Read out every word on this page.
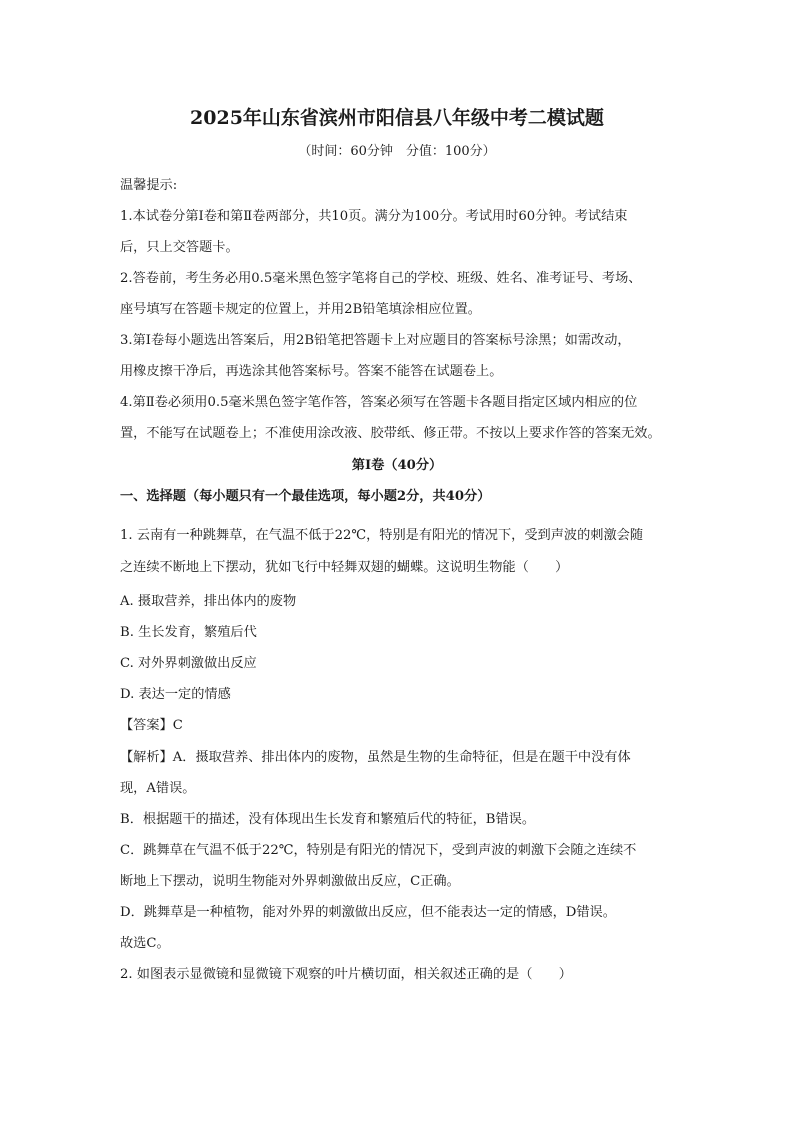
2025年山东省滨州市阳信县八年级中考二模试题
（时间：60分钟　分值：100分）
温馨提示:
1.本试卷分第Ⅰ卷和第Ⅱ卷两部分，共10页。满分为100分。考试用时60分钟。考试结束
后，只上交答题卡。
2.答卷前，考生务必用0.5毫米黑色签字笔将自己的学校、班级、姓名、准考证号、考场、
座号填写在答题卡规定的位置上，并用2B铅笔填涂相应位置。
3.第Ⅰ卷每小题选出答案后，用2B铅笔把答题卡上对应题目的答案标号涂黑；如需改动，
用橡皮擦干净后，再选涂其他答案标号。答案不能答在试题卷上。
4.第Ⅱ卷必须用0.5毫米黑色签字笔作答，答案必须写在答题卡各题目指定区域内相应的位
置，不能写在试题卷上；不准使用涂改液、胶带纸、修正带。不按以上要求作答的答案无效。
第Ⅰ卷（40分）
一、选择题（每小题只有一个最佳选项，每小题2分，共40分）
1. 云南有一种跳舞草，在气温不低于22℃，特别是有阳光的情况下，受到声波的刺激会随
之连续不断地上下摆动，犹如飞行中轻舞双翅的蝴蝶。这说明生物能（　　）
A. 摄取营养，排出体内的废物
B. 生长发育，繁殖后代
C. 对外界刺激做出反应
D. 表达一定的情感
【答案】C
【解析】A．摄取营养、排出体内的废物，虽然是生物的生命特征，但是在题干中没有体
现，A错误。
B．根据题干的描述，没有体现出生长发育和繁殖后代的特征，B错误。
C．跳舞草在气温不低于22℃，特别是有阳光的情况下，受到声波的刺激下会随之连续不
断地上下摆动，说明生物能对外界刺激做出反应，C正确。
D．跳舞草是一种植物，能对外界的刺激做出反应，但不能表达一定的情感，D错误。
故选C。
2. 如图表示显微镜和显微镜下观察的叶片横切面，相关叙述正确的是（　　）
